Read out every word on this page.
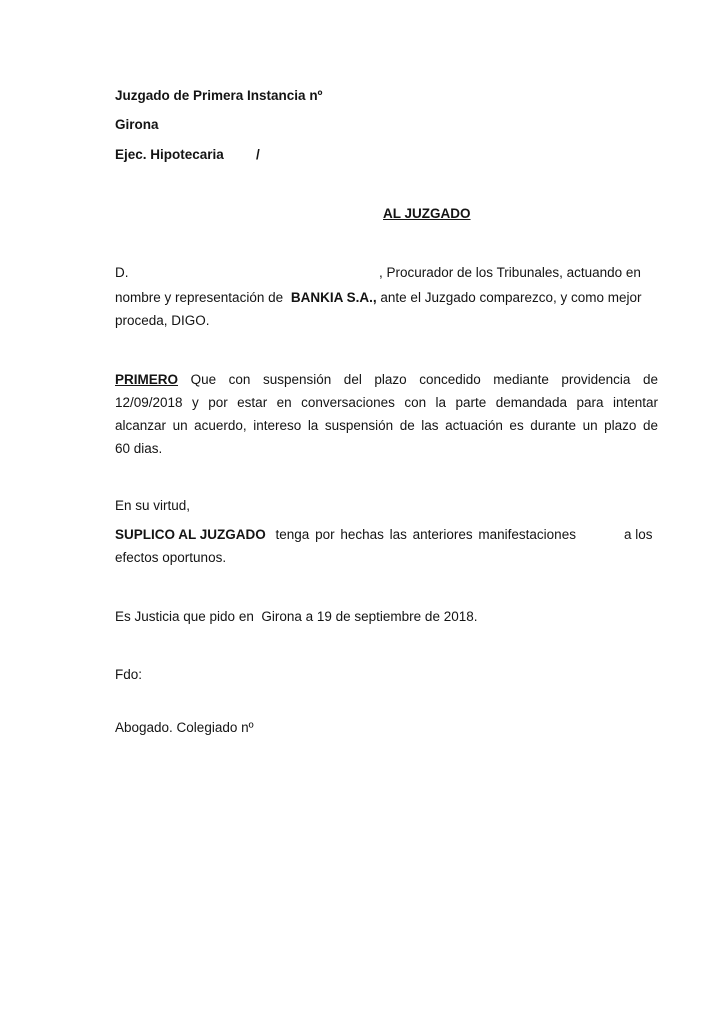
Juzgado de Primera Instancia nº
Girona
Ejec. Hipotecaria /
AL JUZGADO
D.	, Procurador de los Tribunales, actuando en
nombre y representación de BANKIA S.A., ante el Juzgado comparezco, y como mejor
proceda, DIGO.
PRIMERO Que con suspensión del plazo concedido mediante providencia de
12/09/2018 y por estar en conversaciones con la parte demandada para intentar
alcanzar un acuerdo, intereso la suspensión de las actuación es durante un plazo de
60 dias.
En su virtud,
SUPLICO AL JUZGADO tenga por hechas las anteriores manifestaciones	a los
efectos oportunos.
Es Justicia que pido en  Girona a 19 de septiembre de 2018.
Fdo:
Abogado. Colegiado nº
